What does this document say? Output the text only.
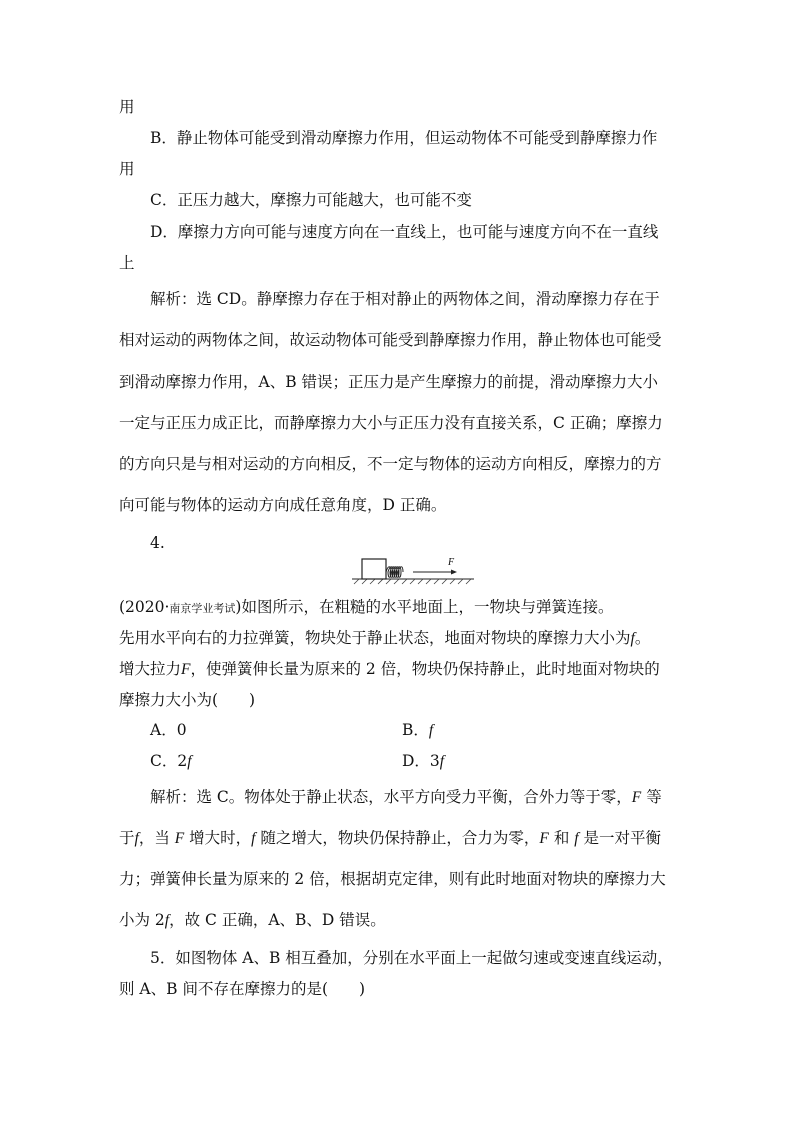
用
B．静止物体可能受到滑动摩擦力作用，但运动物体不可能受到静摩擦力作
用
C．正压力越大，摩擦力可能越大，也可能不变
D．摩擦力方向可能与速度方向在一直线上，也可能与速度方向不在一直线
上
解析：选 CD。静摩擦力存在于相对静止的两物体之间，滑动摩擦力存在于
相对运动的两物体之间，故运动物体可能受到静摩擦力作用，静止物体也可能受
到滑动摩擦力作用，A、B 错误；正压力是产生摩擦力的前提，滑动摩擦力大小
一定与正压力成正比，而静摩擦力大小与正压力没有直接关系，C 正确；摩擦力
的方向只是与相对运动的方向相反，不一定与物体的运动方向相反，摩擦力的方
向可能与物体的运动方向成任意角度，D 正确。
4.
F
(2020·南京学业考试)如图所示，在粗糙的水平地面上，一物块与弹簧连接。
先用水平向右的力拉弹簧，物块处于静止状态，地面对物块的摩擦力大小为f。
增大拉力F，使弹簧伸长量为原来的 2 倍，物块仍保持静止，此时地面对物块的
摩擦力大小为(　　)
A．0	B．f
C．2f	D．3f
解析：选 C。物体处于静止状态，水平方向受力平衡，合外力等于零，F 等
于f，当 F 增大时，f 随之增大，物块仍保持静止，合力为零，F 和 f 是一对平衡
力；弹簧伸长量为原来的 2 倍，根据胡克定律，则有此时地面对物块的摩擦力大
小为 2f，故 C 正确，A、B、D 错误。
5．如图物体 A、B 相互叠加，分别在水平面上一起做匀速或变速直线运动，
则 A、B 间不存在摩擦力的是(　　)
